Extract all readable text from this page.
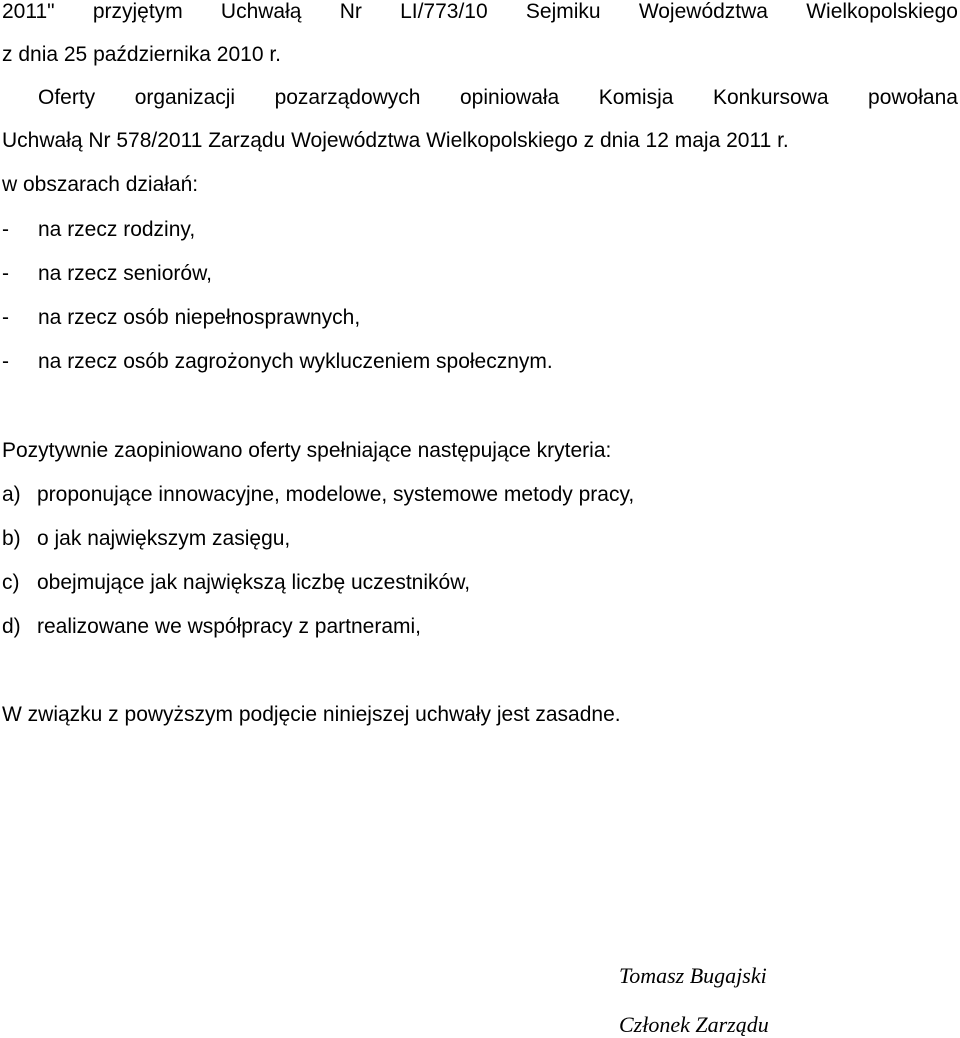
2011" przyjętym Uchwałą Nr LI/773/10 Sejmiku Województwa Wielkopolskiego
z dnia 25 października 2010 r.
Oferty organizacji pozarządowych opiniowała Komisja Konkursowa powołana
Uchwałą Nr 578/2011 Zarządu Województwa Wielkopolskiego z dnia 12 maja 2011 r.
w obszarach działań:
- na rzecz rodziny,
- na rzecz seniorów,
- na rzecz osób niepełnosprawnych,
- na rzecz osób zagrożonych wykluczeniem społecznym.
Pozytywnie zaopiniowano oferty spełniające następujące kryteria:
a) proponujące innowacyjne, modelowe, systemowe metody pracy,
b) o jak największym zasięgu,
c) obejmujące jak największą liczbę uczestników,
d) realizowane we współpracy z partnerami,
W związku z powyższym podjęcie niniejszej uchwały jest zasadne.
Tomasz Bugajski
Członek Zarządu
